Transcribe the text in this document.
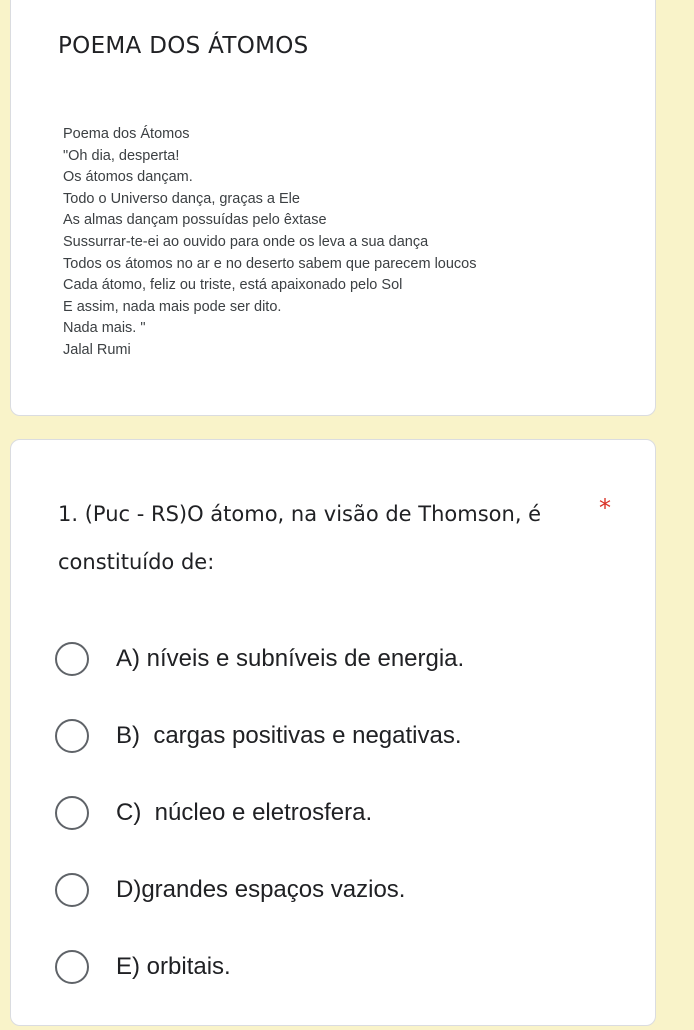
POEMA DOS ÁTOMOS
Poema dos Átomos
"Oh dia, desperta!
Os átomos dançam.
Todo o Universo dança, graças a Ele
As almas dançam possuídas pelo êxtase
Sussurrar-te-ei ao ouvido para onde os leva a sua dança
Todos os átomos no ar e no deserto sabem que parecem loucos
Cada átomo, feliz ou triste, está apaixonado pelo Sol
E assim, nada mais pode ser dito.
Nada mais. "
Jalal Rumi

1. (Puc - RS)O átomo, na visão de Thomson, é constituído de:

*
A) níveis e subníveis de energia.
B)  cargas positivas e negativas.
C)  núcleo e eletrosfera.
D)grandes espaços vazios.
E) orbitais.
